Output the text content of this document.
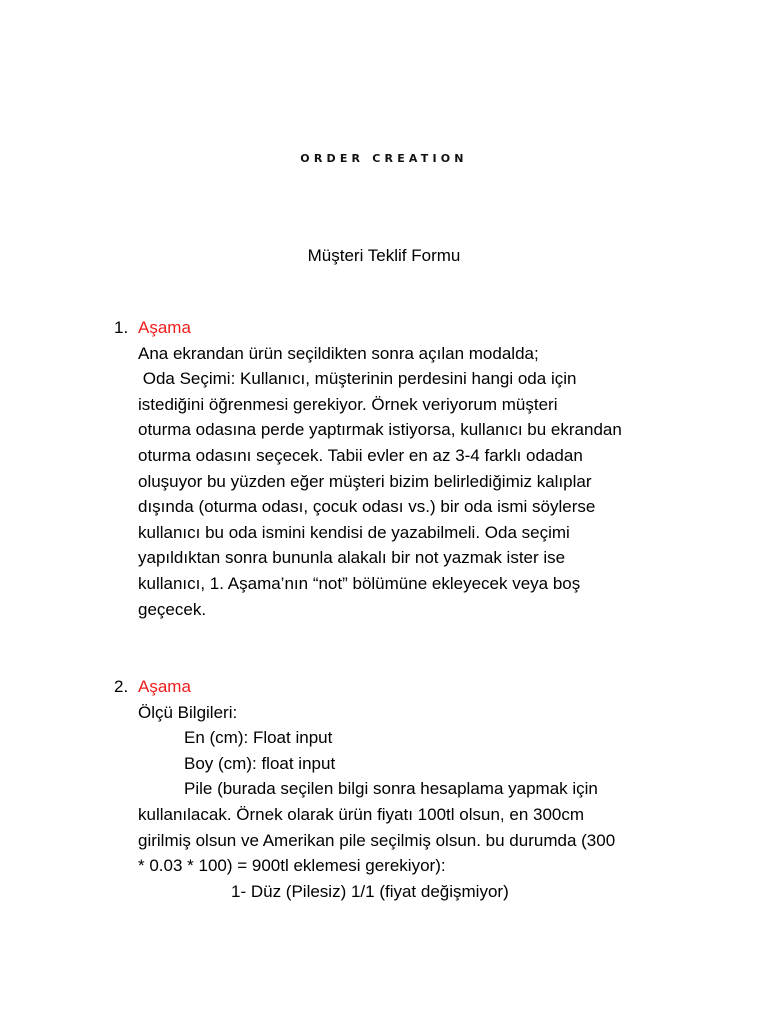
ORDER CREATION
Müşteri Teklif Formu
1. Aşama
Ana ekrandan ürün seçildikten sonra açılan modalda;
Oda Seçimi: Kullanıcı, müşterinin perdesini hangi oda için
istediğini öğrenmesi gerekiyor. Örnek veriyorum müşteri
oturma odasına perde yaptırmak istiyorsa, kullanıcı bu ekrandan
oturma odasını seçecek. Tabii evler en az 3-4 farklı odadan
oluşuyor bu yüzden eğer müşteri bizim belirlediğimiz kalıplar
dışında (oturma odası, çocuk odası vs.) bir oda ismi söylerse
kullanıcı bu oda ismini kendisi de yazabilmeli. Oda seçimi
yapıldıktan sonra bununla alakalı bir not yazmak ister ise
kullanıcı, 1. Aşama’nın “not” bölümüne ekleyecek veya boş
geçecek.
2. Aşama
Ölçü Bilgileri:
En (cm): Float input
Boy (cm): float input
Pile (burada seçilen bilgi sonra hesaplama yapmak için
kullanılacak. Örnek olarak ürün fiyatı 100tl olsun, en 300cm
girilmiş olsun ve Amerikan pile seçilmiş olsun. bu durumda (300
* 0.03 * 100) = 900tl eklemesi gerekiyor):
1- Düz (Pilesiz) 1/1 (fiyat değişmiyor)
